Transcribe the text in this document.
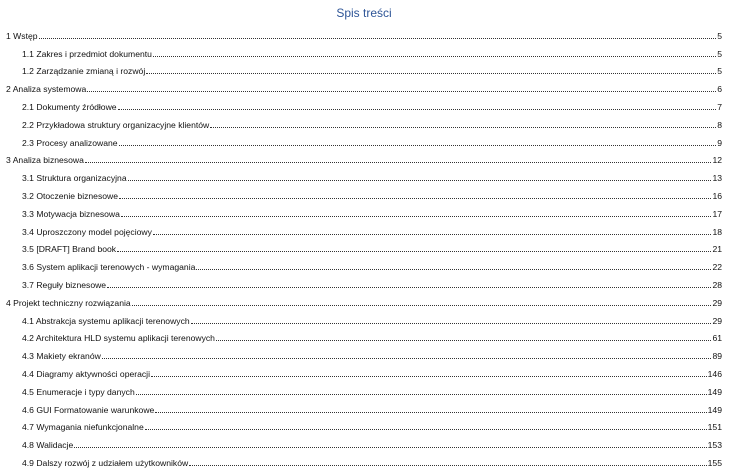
Spis treści
1 Wstęp	5
1.1 Zakres i przedmiot dokumentu	5
1.2 Zarządzanie zmianą i rozwój	5
2 Analiza systemowa	6
2.1 Dokumenty źródłowe	7
2.2 Przykładowa struktury organizacyjne klientów	8
2.3 Procesy analizowane	9
3 Analiza biznesowa	12
3.1 Struktura organizacyjna	13
3.2 Otoczenie biznesowe	16
3.3 Motywacja biznesowa	17
3.4 Uproszczony model pojęciowy	18
3.5 [DRAFT] Brand book	21
3.6 System aplikacji terenowych - wymagania	22
3.7 Reguły biznesowe	28
4 Projekt techniczny rozwiązania	29
4.1 Abstrakcja systemu aplikacji terenowych	29
4.2 Architektura HLD systemu aplikacji terenowych	61
4.3 Makiety ekranów	89
4.4 Diagramy aktywności operacji	146
4.5 Enumeracje i typy danych	149
4.6 GUI Formatowanie warunkowe	149
4.7 Wymagania niefunkcjonalne	151
4.8 Walidacje	153
4.9 Dalszy rozwój z udziałem użytkowników	155
